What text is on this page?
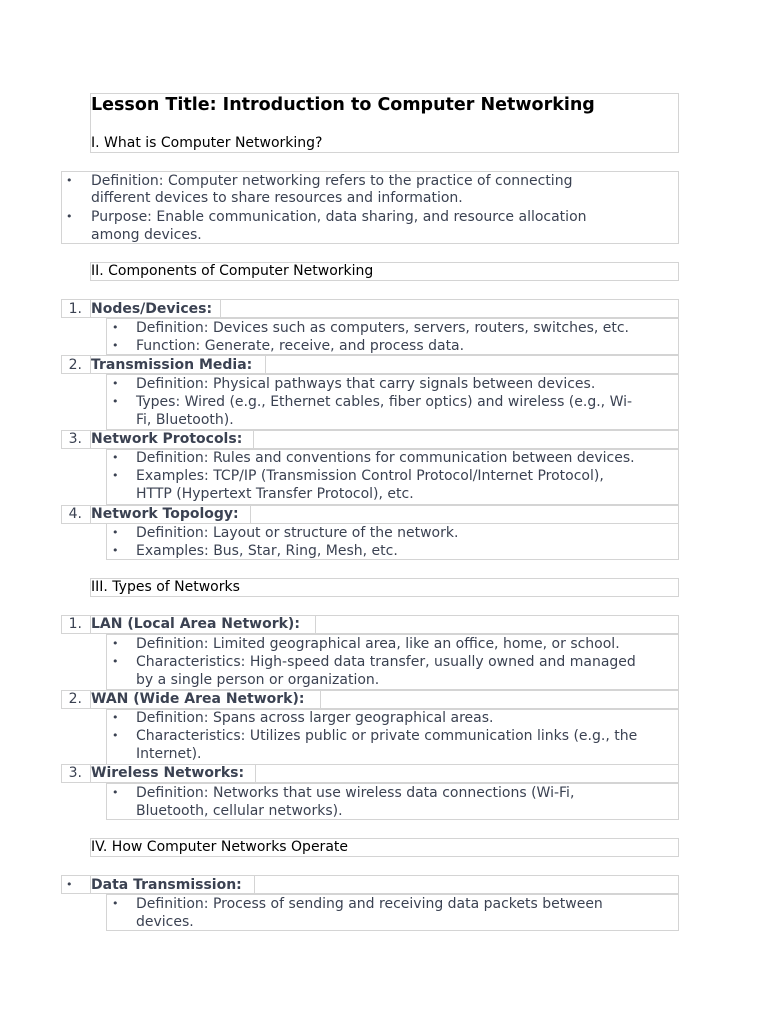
Lesson Title: Introduction to Computer Networking
I. What is Computer Networking?
• Definition: Computer networking refers to the practice of connecting
different devices to share resources and information.
• Purpose: Enable communication, data sharing, and resource allocation
among devices.
II. Components of Computer Networking
1. Nodes/Devices:
• Definition: Devices such as computers, servers, routers, switches, etc.
• Function: Generate, receive, and process data.
2. Transmission Media:
• Definition: Physical pathways that carry signals between devices.
• Types: Wired (e.g., Ethernet cables, fiber optics) and wireless (e.g., Wi-
Fi, Bluetooth).
3. Network Protocols:
• Definition: Rules and conventions for communication between devices.
• Examples: TCP/IP (Transmission Control Protocol/Internet Protocol),
HTTP (Hypertext Transfer Protocol), etc.
4. Network Topology:
• Definition: Layout or structure of the network.
• Examples: Bus, Star, Ring, Mesh, etc.
III. Types of Networks
1. LAN (Local Area Network):
• Definition: Limited geographical area, like an office, home, or school.
• Characteristics: High-speed data transfer, usually owned and managed
by a single person or organization.
2. WAN (Wide Area Network):
• Definition: Spans across larger geographical areas.
• Characteristics: Utilizes public or private communication links (e.g., the
Internet).
3. Wireless Networks:
• Definition: Networks that use wireless data connections (Wi-Fi,
Bluetooth, cellular networks).
IV. How Computer Networks Operate
• Data Transmission:
• Definition: Process of sending and receiving data packets between
devices.
